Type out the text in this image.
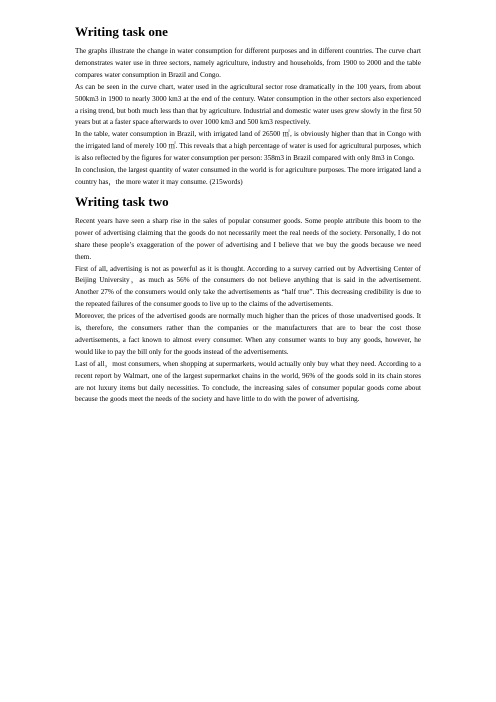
Writing task one

The graphs illustrate the change in water consumption for different purposes and in different countries. The curve chart demonstrates water use in three sectors, namely agriculture, industry and households, from 1900 to 2000 and the table compares water consumption in Brazil and Congo.

As can be seen in the curve chart, water used in the agricultural sector rose dramatically in the 100 years, from about 500km3 in 1900 to nearly 3000 km3 at the end of the century. Water consumption in the other sectors also experienced a rising trend, but both much less than that by agriculture. Industrial and domestic water uses grew slowly in the first 50 years but at a faster space afterwards to over 1000 km3 and 500 km3 respectively.

In the table, water consumption in Brazil, with irrigated land of 26500 ㎡, is obviously higher than that in Congo with the irrigated land of merely 100 ㎡. This reveals that a high percentage of water is used for agricultural purposes, which is also reflected by the figures for water consumption per person: 358m3 in Brazil compared with only 8m3 in Congo.

In conclusion, the largest quantity of water consumed in the world is for agriculture purposes. The more irrigated land a country has，the more water it may consume. (215words)

Writing task two

Recent years have seen a sharp rise in the sales of popular consumer goods. Some people attribute this boom to the power of advertising claiming that the goods do not necessarily meet the real needs of the society. Personally, I do not share these people’s exaggeration of the power of advertising and I believe that we buy the goods because we need them.

First of all, advertising is not as powerful as it is thought. According to a survey carried out by Advertising Center of Beijing University，as much as 56% of the consumers do not believe anything that is said in the advertisement. Another 27% of the consumers would only take the advertisements as “half true”. This decreasing credibility is due to the repeated failures of the consumer goods to live up to the claims of the advertisements.

Moreover, the prices of the advertised goods are normally much higher than the prices of those unadvertised goods. It is, therefore, the consumers rather than the companies or the manufacturers that are to bear the cost those advertisements, a fact known to almost every consumer. When any consumer wants to buy any goods, however, he would like to pay the bill only for the goods instead of the advertisements.

Last of all，most consumers, when shopping at supermarkets, would actually only buy what they need. According to a recent report by Walmart, one of the largest supermarket chains in the world, 96% of the goods sold in its chain stores are not luxury items but daily necessities. To conclude, the increasing sales of consumer popular goods come about because the goods meet the needs of the society and have little to do with the power of advertising.
